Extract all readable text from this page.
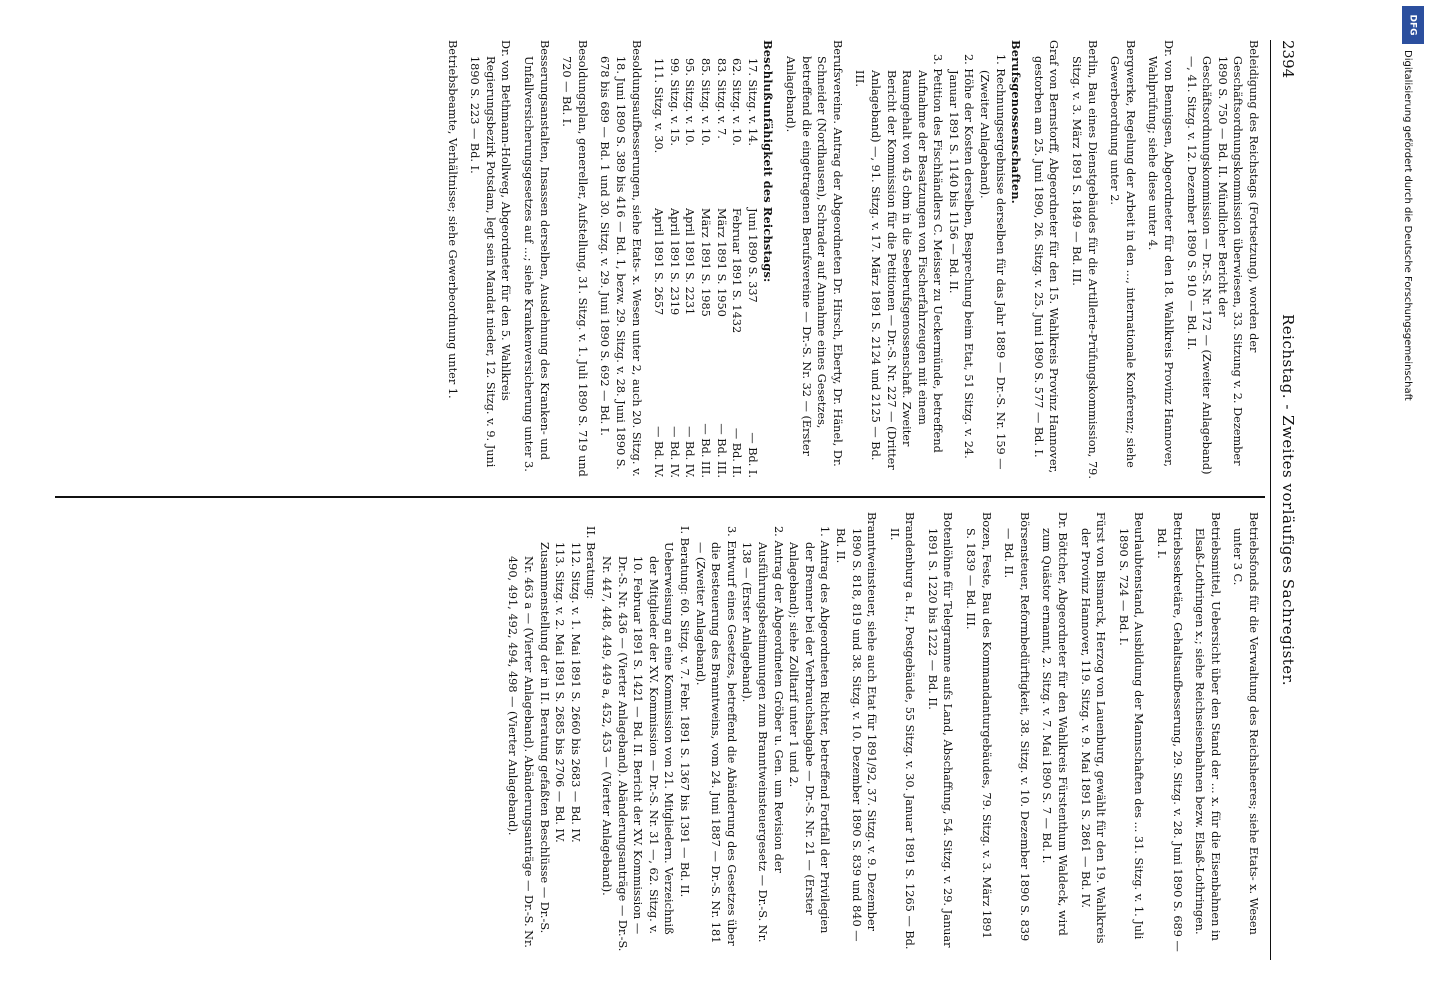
2394
Reichstag. - Zweites vorläufiges Sachregister.

Beleidigung des Reichstags (Fortsetzung), worden der Geschäftsordnungskommission überwiesen, 33. Sitzung v. 2. Dezember 1890 S. 750 — Bd. II. Mündlicher Bericht der Geschäftsordnungskommission — Dr.-S. Nr. 172 — (Zweiter Anlageband) —, 41. Sitzg. v. 12. Dezember 1890 S. 910 — Bd. II.

Dr. von Bennigsen, Abgeordneter für den 18. Wahlkreis Provinz Hannover, Wahlprüfung; siehe diese unter 4.

Bergwerke, Regelung der Arbeit in den ..., internationale Konferenz; siehe Gewerbeordnung unter 2.

Berlin, Bau eines Dienstgebäudes für die Artillerie-Prüfungskommission, 79. Sitzg. v. 3. März 1891 S. 1849 — Bd. III.

Graf von Bernstorff, Abgeordneter für den 15. Wahlkreis Provinz Hannover, gestorben am 25. Juni 1890, 26. Sitzg. v. 25. Juni 1890 S. 577 — Bd. I.

Berufsgenossenschaften.

1. Rechnungsergebnisse derselben für das Jahr 1889 — Dr.-S. Nr. 159 — (Zweiter Anlageband).

2. Höhe der Kosten derselben, Besprechung beim Etat, 51 Sitzg. v. 24. Januar 1891 S. 1140 bis 1156 — Bd. II.

3. Petition des Fischhändlers C. Meisser zu Ueckermünde, betreffend Aufnahme der Besatzungen von Fischerfahrzeugen mit einem Raumgehalt von 45 cbm in die Seeberufsgenossenschaft. Zweiter Bericht der Kommission für die Petitionen — Dr.-S. Nr. 227 — (Dritter Anlageband) —, 91. Sitzg. v. 17. März 1891 S. 2124 und 2125 — Bd. III.

Berufsvereine. Antrag der Abgeordneten Dr. Hirsch, Eberty, Dr. Hänel, Dr. Schneider (Nordhausen), Schrader auf Annahme eines Gesetzes, betreffend die eingetragenen Berufsvereine — Dr.-S. Nr. 32 — (Erster Anlageband).

Beschlußunfähigkeit des Reichstags:
17. Sitzg. v. 14.
Juni 1890 S. 337
— Bd. I.
62. Sitzg. v. 10.
Februar 1891 S. 1432
— Bd. II.
83. Sitzg. v. 7.
März 1891 S. 1950
— Bd. III.
85. Sitzg. v. 10.
März 1891 S. 1985
— Bd. III.
95. Sitzg. v. 10.
April 1891 S. 2231
— Bd. IV.
99. Sitzg. v. 15.
April 1891 S. 2319
— Bd. IV.
111. Sitzg. v. 30.
April 1891 S. 2657
— Bd. IV.

Besoldungsaufbesserungen, siehe Etats- x. Wesen unter 2, auch 20. Sitzg. v. 18. Juni 1890 S. 389 bis 416 — Bd. 1, bezw. 29. Sitzg. v. 28. Juni 1890 S. 678 bis 689 — Bd. 1 und 30. Sitzg. v. 29. Juni 1890 S. 692 — Bd. I.

Besoldungsplan, genereller, Aufstellung, 31. Sitzg. v. 1. Juli 1890 S. 719 und 720 — Bd. I.

Besserungsanstalten, Insassen derselben, Ausdehnung des Kranken- und Unfallversicherungsgesetzes auf ...; siehe Krankenversicherung unter 3.

Dr. von Bethmann-Hollweg, Abgeordneter für den 5. Wahlkreis Regierungsbezirk Potsdam, legt sein Mandat nieder, 12. Sitzg. v. 9. Juni 1890 S. 223 — Bd. I.

Betriebsbeamte, Verhältnisse; siehe Gewerbeordnung unter 1.

Betriebsfonds für die Verwaltung des Reichsheeres; siehe Etats- x. Wesen unter 3 C.

Betriebsmittel, Uebersicht über den Stand der ... x. für die Eisenbahnen in Elsaß-Lothringen x.; siehe Reichseisenbahnen bezw. Elsaß-Lothringen.

Betriebssekretäre, Gehaltsaufbesserung, 29. Sitzg. v. 28. Juni 1890 S. 689 — Bd. I.

Beurlaubtenstand, Ausbildung der Mannschaften des ... 31. Sitzg. v. 1. Juli 1890 S. 724 — Bd. I.

Fürst von Bismarck, Herzog von Lauenburg, gewählt für den 19. Wahlkreis der Provinz Hannover, 119. Sitzg. v. 9. Mai 1891 S. 2861 — Bd. IV.

Dr. Böttcher, Abgeordneter für den Wahlkreis Fürstenthum Waldeck, wird zum Quästor ernannt, 2. Sitzg. v. 7. Mai 1890 S. 7 — Bd. I.

Börsensteuer, Reformbedürftigkeit, 38. Sitzg. v. 10. Dezember 1890 S. 839 — Bd. II.

Bozen, Feste, Bau des Kommandanturgebäudes, 79. Sitzg. v. 3. März 1891 S. 1839 — Bd. III.

Botenlöhne für Telegramme aufs Land, Abschaffung, 54. Sitzg. v. 29. Januar 1891 S. 1220 bis 1222 — Bd. II.

Brandenburg a. H., Postgebäude, 55 Sitzg. v. 30. Januar 1891 S. 1265 — Bd. II.

Branntweinsteuer, siehe auch Etat für 1891/92, 37. Sitzg. v. 9. Dezember 1890 S. 818, 819 und 38. Sitzg. v. 10. Dezember 1890 S. 839 und 840 — Bd. II.

1. Antrag des Abgeordneten Richter, betreffend Fortfall der Privilegien der Brenner bei der Verbrauchsabgabe — Dr.-S. Nr. 21 — (Erster Anlageband); siehe Zolltarif unter 1 und 2.

2. Antrag der Abgeordneten Gröber u. Gen. um Revision der Ausführungsbestimmungen zum Branntweinsteuergesetz — Dr.-S. Nr. 138 — (Erster Anlageband).

3. Entwurf eines Gesetzes, betreffend die Abänderung des Gesetzes über die Besteuerung des Branntweins, vom 24. Juni 1887 — Dr.-S. Nr. 181 — (Zweiter Anlageband).

I. Beratung: 60. Sitzg. v. 7. Febr. 1891 S. 1367 bis 1391 — Bd. II.

Ueberweisung an eine Kommission von 21. Mitgliedern. Verzeichniß der Mitglieder der XV. Kommission — Dr.-S. Nr. 31 —, 62. Sitzg. v. 10. Februar 1891 S. 1421 — Bd. II. Bericht der XV. Kommission — Dr.-S. Nr. 436 — (Vierter Anlageband). Abänderungsanträge — Dr.-S. Nr. 447, 448, 449, 449 a, 452, 453 — (Vierter Anlageband).

II. Beratung:

112. Sitzg. v. 1. Mai 1891 S. 2660 bis 2683 — Bd. IV.

113. Sitzg. v. 2. Mai 1891 S. 2685 bis 2706 — Bd. IV.

Zusammenstellung der in II. Beratung gefaßten Beschlüsse — Dr.-S. Nr. 463 a — (Vierter Anlageband). Abänderungsanträge — Dr.-S. Nr. 490, 491, 492, 494, 498 — (Vierter Anlageband).

DFG
Digitalisierung gefördert durch die Deutsche Forschungsgemeinschaft
